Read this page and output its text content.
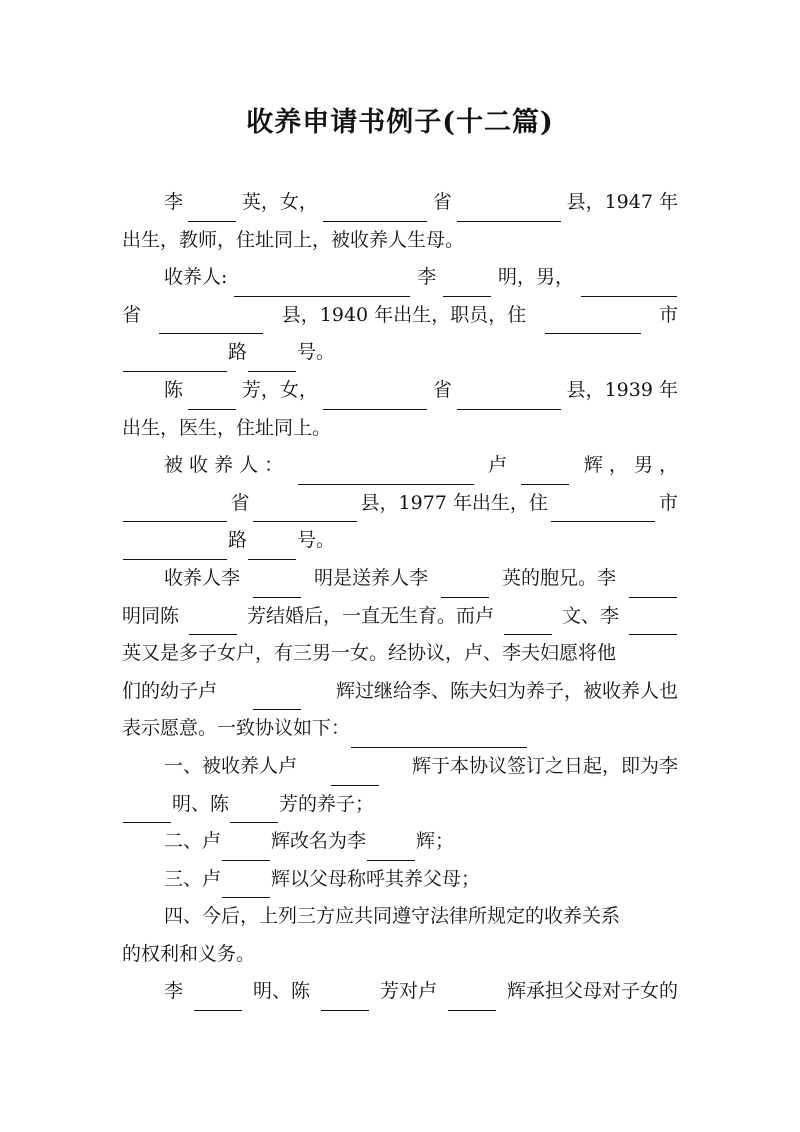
收养申请书例子(十二篇)
李	英，女，	省	县，1947 年
出生，教师，住址同上，被收养人生母。
收养人:	李	明，男，
省	县，1940 年出生，职员，住	市
路	号。
陈	芳，女，	省	县，1939 年
出生，医生，住址同上。
被 收 养 人 ：	卢	辉 ， 男 ，
省	县，1977 年出生，住	市
路	号。
收养人李	明是送养人李	英的胞兄。李
明同陈	芳结婚后，一直无生育。而卢	文、李
英又是多子女户，有三男一女。经协议，卢、李夫妇愿将他
们的幼子卢	辉过继给李、陈夫妇为养子，被收养人也
表示愿意。一致协议如下：
一、被收养人卢	辉于本协议签订之日起，即为李
明、陈	芳的养子；
二、卢	辉改名为李	辉；
三、卢	辉以父母称呼其养父母；
四、今后，上列三方应共同遵守法律所规定的收养关系
的权利和义务。
李	明、陈	芳对卢	辉承担父母对子女的
